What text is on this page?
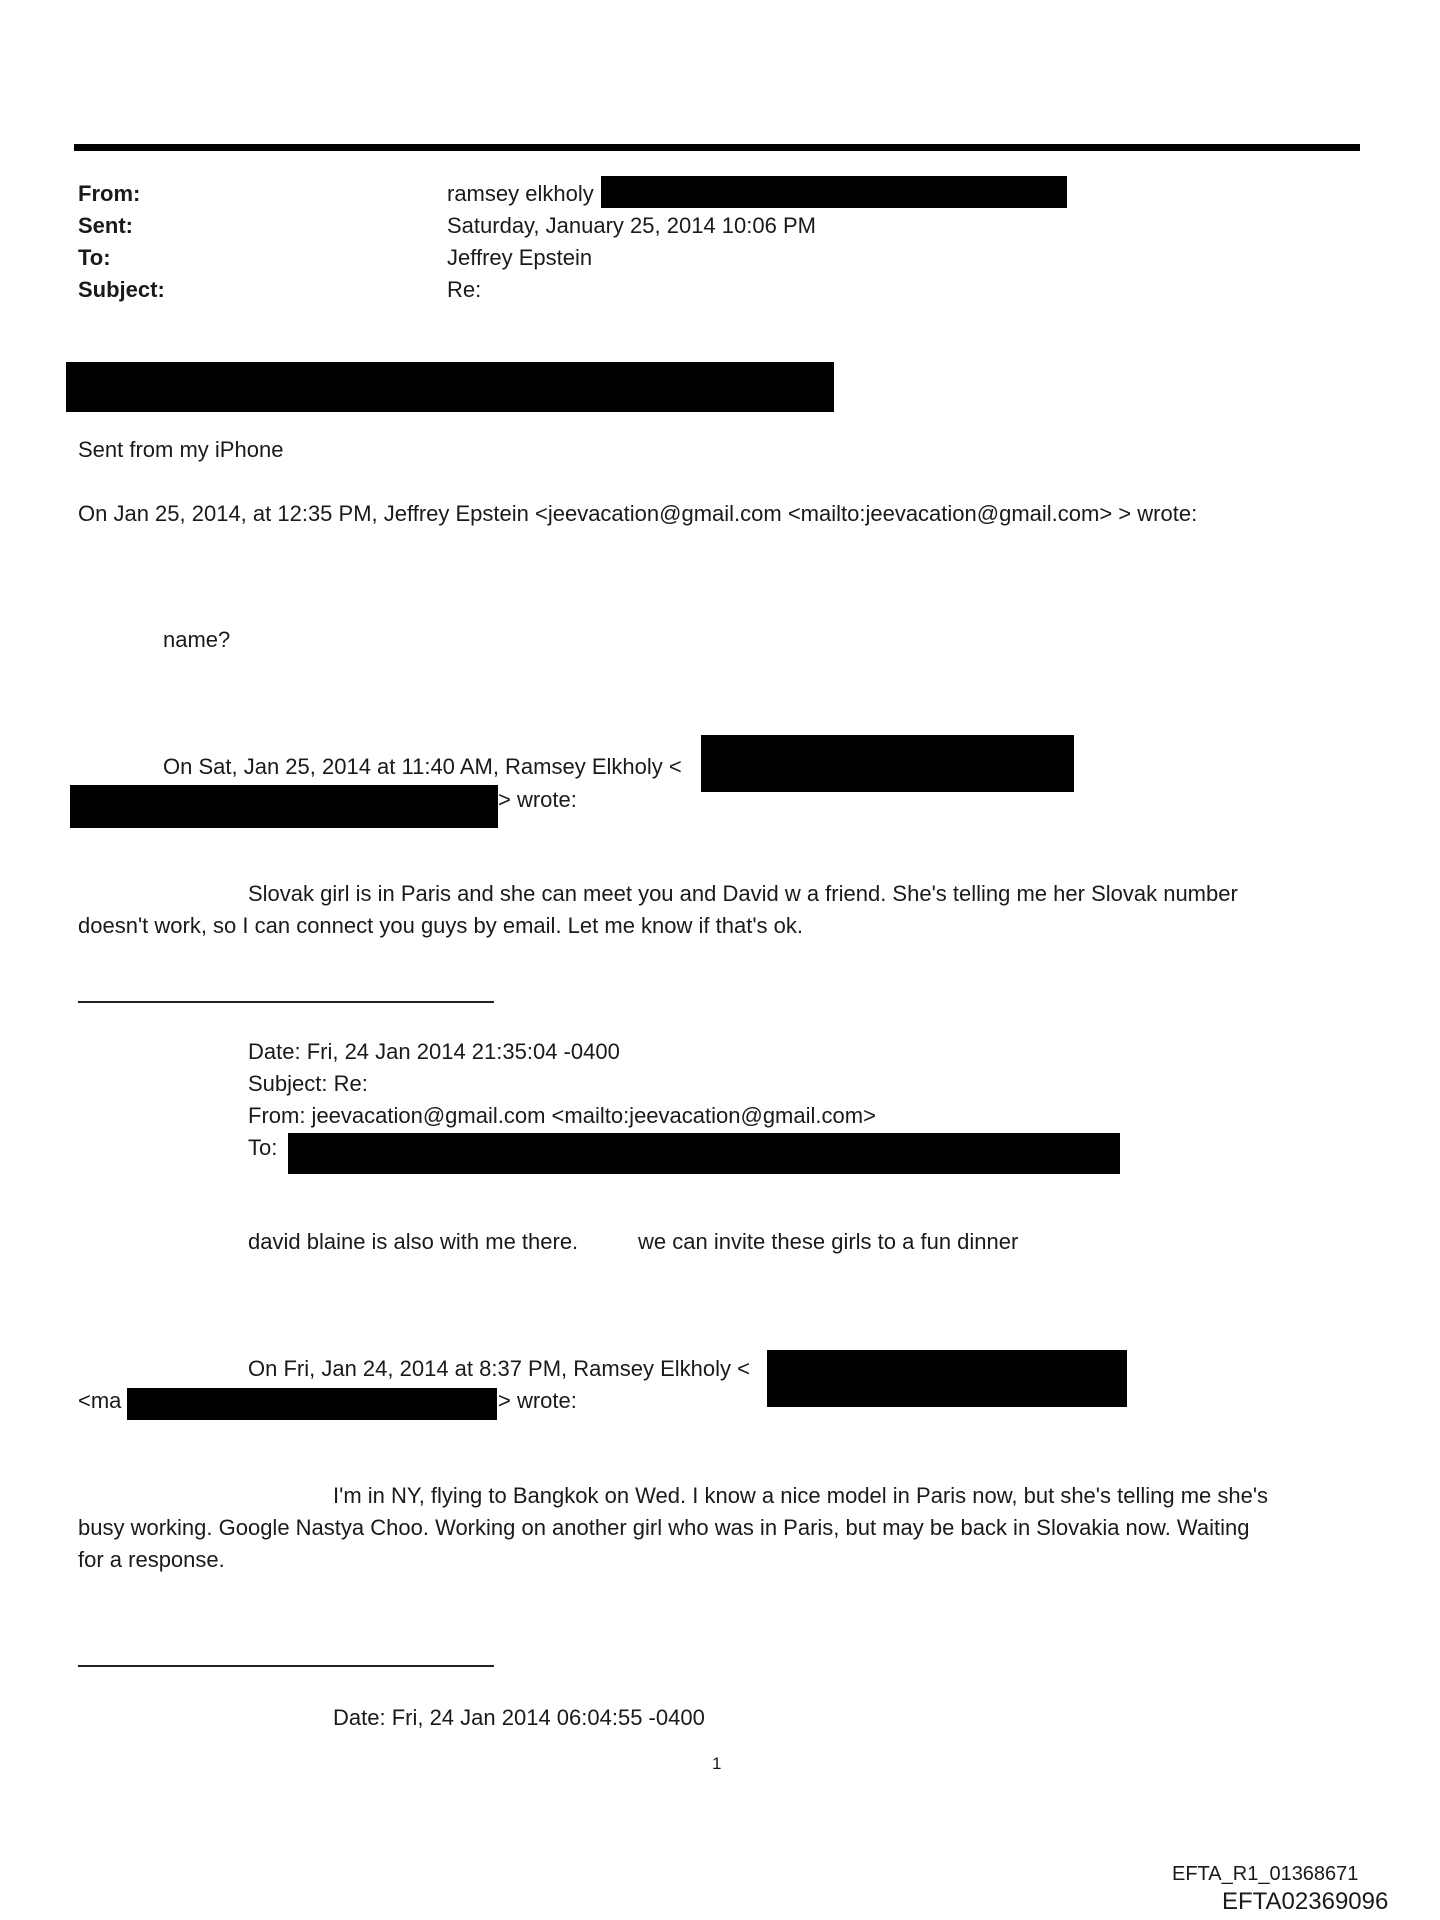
From:
Sent:
To:
Subject:
ramsey elkholy
Saturday, January 25, 2014 10:06 PM
Jeffrey Epstein
Re:
Sent from my iPhone
On Jan 25, 2014, at 12:35 PM, Jeffrey Epstein <jeevacation@gmail.com <mailto:jeevacation@gmail.com> > wrote:
name?
On Sat, Jan 25, 2014 at 11:40 AM, Ramsey Elkholy <
> wrote:
Slovak girl is in Paris and she can meet you and David w a friend. She's telling me her Slovak number
doesn't work, so I can connect you guys by email. Let me know if that's ok.
Date: Fri, 24 Jan 2014 21:35:04 -0400
Subject: Re:
From: jeevacation@gmail.com <mailto:jeevacation@gmail.com>
To:
david blaine is also with me there.	we can invite these girls to a fun dinner
On Fri, Jan 24, 2014 at 8:37 PM, Ramsey Elkholy <
<ma	> wrote:
I'm in NY, flying to Bangkok on Wed. I know a nice model in Paris now, but she's telling me she's
busy working. Google Nastya Choo. Working on another girl who was in Paris, but may be back in Slovakia now. Waiting
for a response.
Date: Fri, 24 Jan 2014 06:04:55 -0400
1
EFTA_R1_01368671
EFTA02369096
